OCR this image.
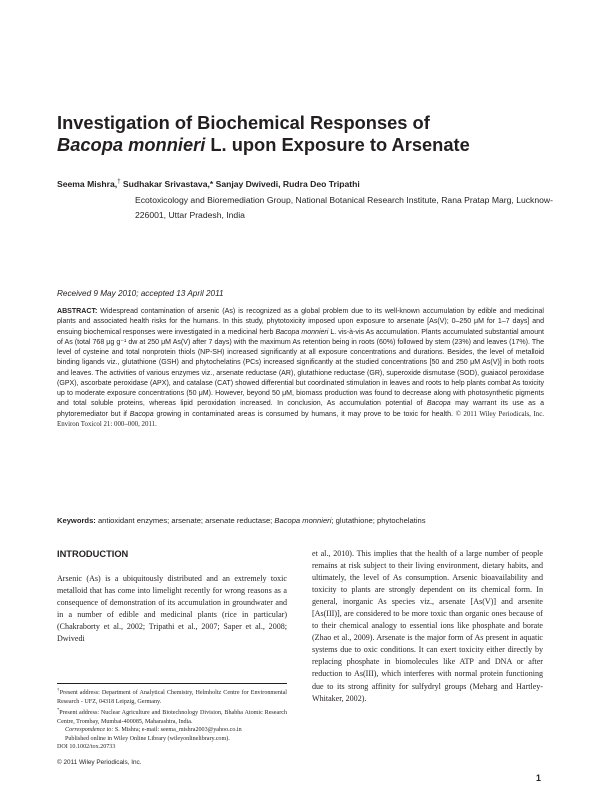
Investigation of Biochemical Responses of
Bacopa monnieri L. upon Exposure to Arsenate
Seema Mishra,† Sudhakar Srivastava,* Sanjay Dwivedi, Rudra Deo Tripathi
Ecotoxicology and Bioremediation Group, National Botanical Research Institute, Rana Pratap Marg, Lucknow-226001, Uttar Pradesh, India
Received 9 May 2010; accepted 13 April 2011

ABSTRACT: Widespread contamination of arsenic (As) is recognized as a global problem due to its well-known accumulation by edible and medicinal plants and associated health risks for the humans. In this study, phytotoxicity imposed upon exposure to arsenate [As(V); 0–250 μM for 1–7 days] and ensuing biochemical responses were investigated in a medicinal herb Bacopa monnieri L. vis-à-vis As accumulation. Plants accumulated substantial amount of As (total 768 μg g⁻¹ dw at 250 μM As(V) after 7 days) with the maximum As retention being in roots (60%) followed by stem (23%) and leaves (17%). The level of cysteine and total nonprotein thiols (NP-SH) increased significantly at all exposure concentrations and durations. Besides, the level of metalloid binding ligands viz., glutathione (GSH) and phytochelatins (PCs) increased significantly at the studied concentrations [50 and 250 μM As(V)] in both roots and leaves. The activities of various enzymes viz., arsenate reductase (AR), glutathione reductase (GR), superoxide dismutase (SOD), guaiacol peroxidase (GPX), ascorbate peroxidase (APX), and catalase (CAT) showed differential but coordinated stimulation in leaves and roots to help plants combat As toxicity up to moderate exposure concentrations (50 μM). However, beyond 50 μM, biomass production was found to decrease along with photosynthetic pigments and total soluble proteins, whereas lipid peroxidation increased. In conclusion, As accumulation potential of Bacopa may warrant its use as a phytoremediator but if Bacopa growing in contaminated areas is consumed by humans, it may prove to be toxic for health. © 2011 Wiley Periodicals, Inc. Environ Toxicol 21: 000–000, 2011.

Keywords: antioxidant enzymes; arsenate; arsenate reductase; Bacopa monnieri; glutathione; phytochelatins

INTRODUCTION

Arsenic (As) is a ubiquitously distributed and an extremely toxic metalloid that has come into limelight recently for wrong reasons as a consequence of demonstration of its accumulation in groundwater and in a number of edible and medicinal plants (rice in particular) (Chakraborty et al., 2002; Tripathi et al., 2007; Saper et al., 2008; Dwivedi

et al., 2010). This implies that the health of a large number of people remains at risk subject to their living environment, dietary habits, and ultimately, the level of As consumption. Arsenic bioavailability and toxicity to plants are strongly dependent on its chemical form. In general, inorganic As species viz., arsenate [As(V)] and arsenite [As(III)], are considered to be more toxic than organic ones because of to their chemical analogy to essential ions like phosphate and borate (Zhao et al., 2009). Arsenate is the major form of As present in aquatic systems due to oxic conditions. It can exert toxicity either directly by replacing phosphate in biomolecules like ATP and DNA or after reduction to As(III), which interferes with normal protein functioning due to its strong affinity for sulfydryl groups (Meharg and Hartley-Whitaker, 2002).

†Present address: Department of Analytical Chemistry, Helmholtz Centre for Environmental Research - UFZ, 04318 Leipzig, Germany.

*Present address: Nuclear Agriculture and Biotechnology Division, Bhabha Atomic Research Centre, Trombay, Mumbai-400085, Maharashtra, India.

Correspondence to: S. Mishra; e-mail: seema_mishra2003@yahoo.co.in

Published online in Wiley Online Library (wileyonlinelibrary.com).

DOI 10.1002/tox.20733

© 2011 Wiley Periodicals, Inc.
1
